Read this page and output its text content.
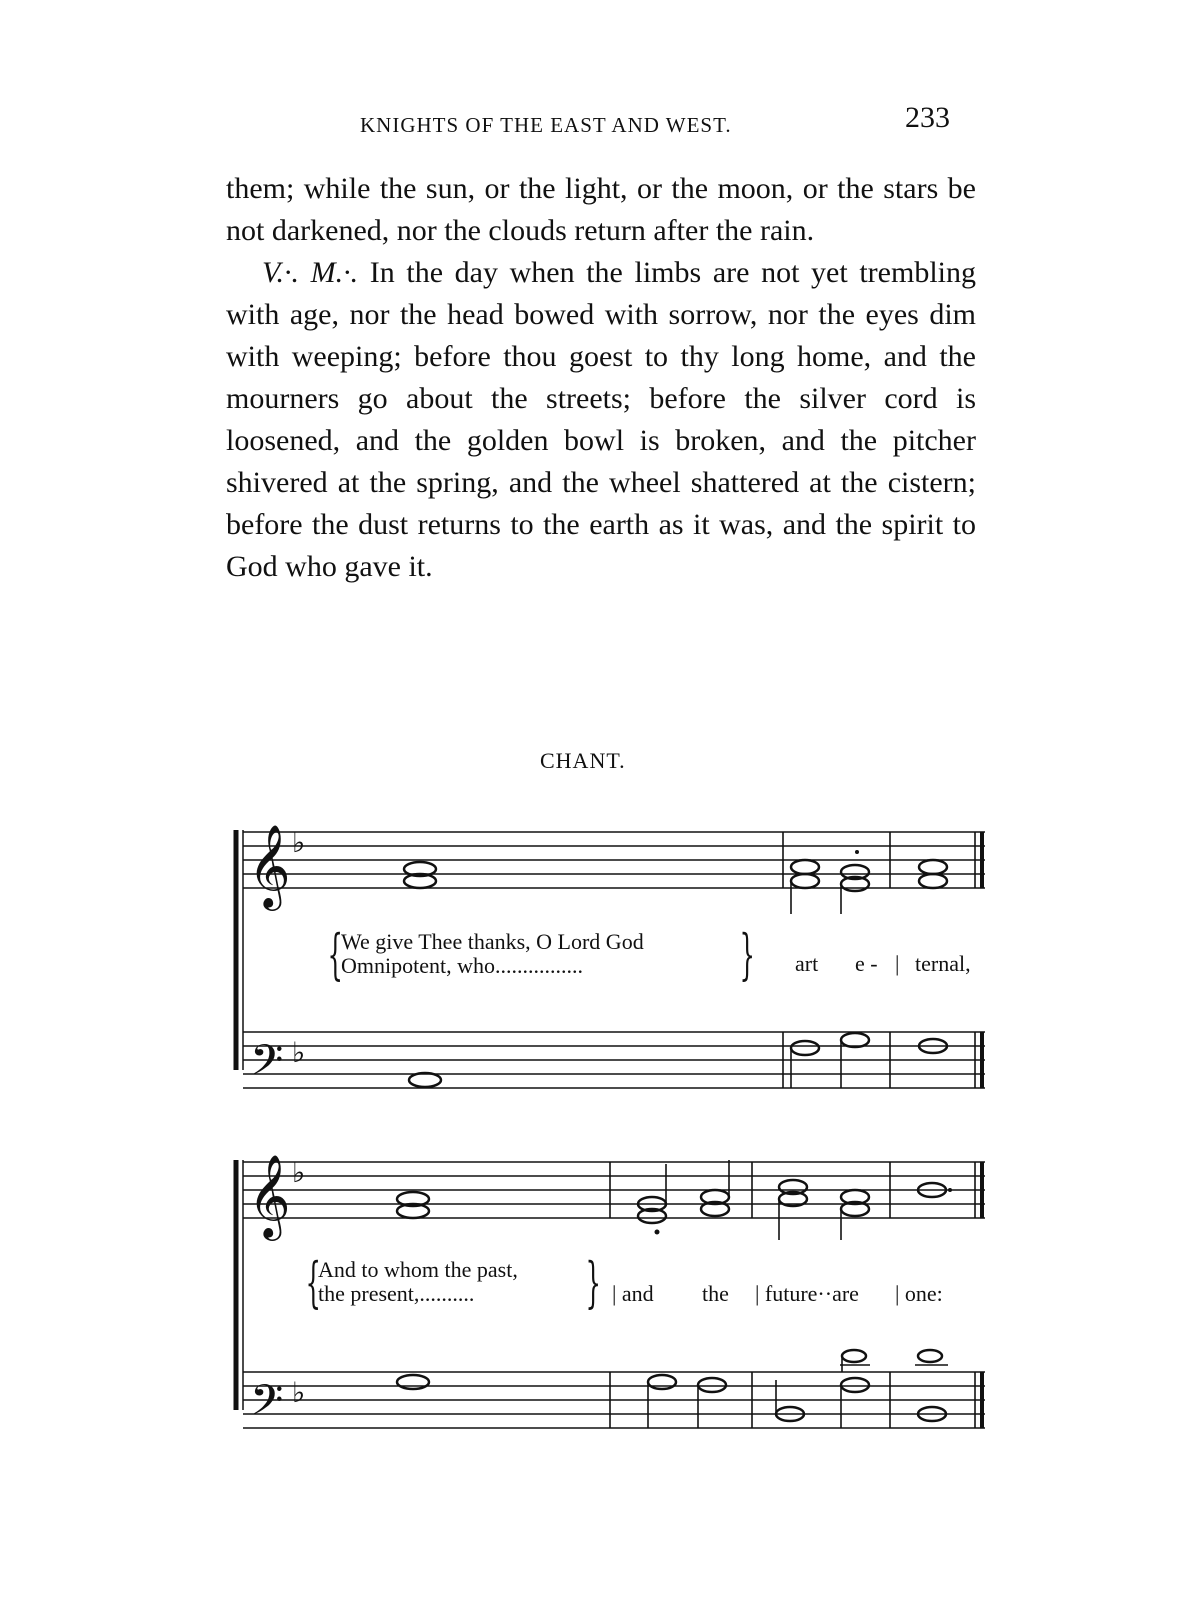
KNIGHTS OF THE EAST AND WEST.	233

them; while the sun, or the light, or the moon, or the stars be not darkened, nor the clouds return after the rain.

V.·. M.·. In the day when the limbs are not yet trembling with age, nor the head bowed with sorrow, nor the eyes dim with weeping; before thou goest to thy long home, and the mourners go about the streets; before the silver cord is loosened, and the golden bowl is broken, and the pitcher shivered at the spring, and the wheel shattered at the cistern; before the dust returns to the earth as it was, and the spirit to God who gave it.

CHANT.
𝄞 ♭
𝄢 ♭
𝄞 ♭
𝄢 ♭
{
We give Thee thanks, O Lord God
Omnipotent, who................	} art e - | ternal,
{
And to whom the past,
the present,.......... } | and the | future··are | one:
